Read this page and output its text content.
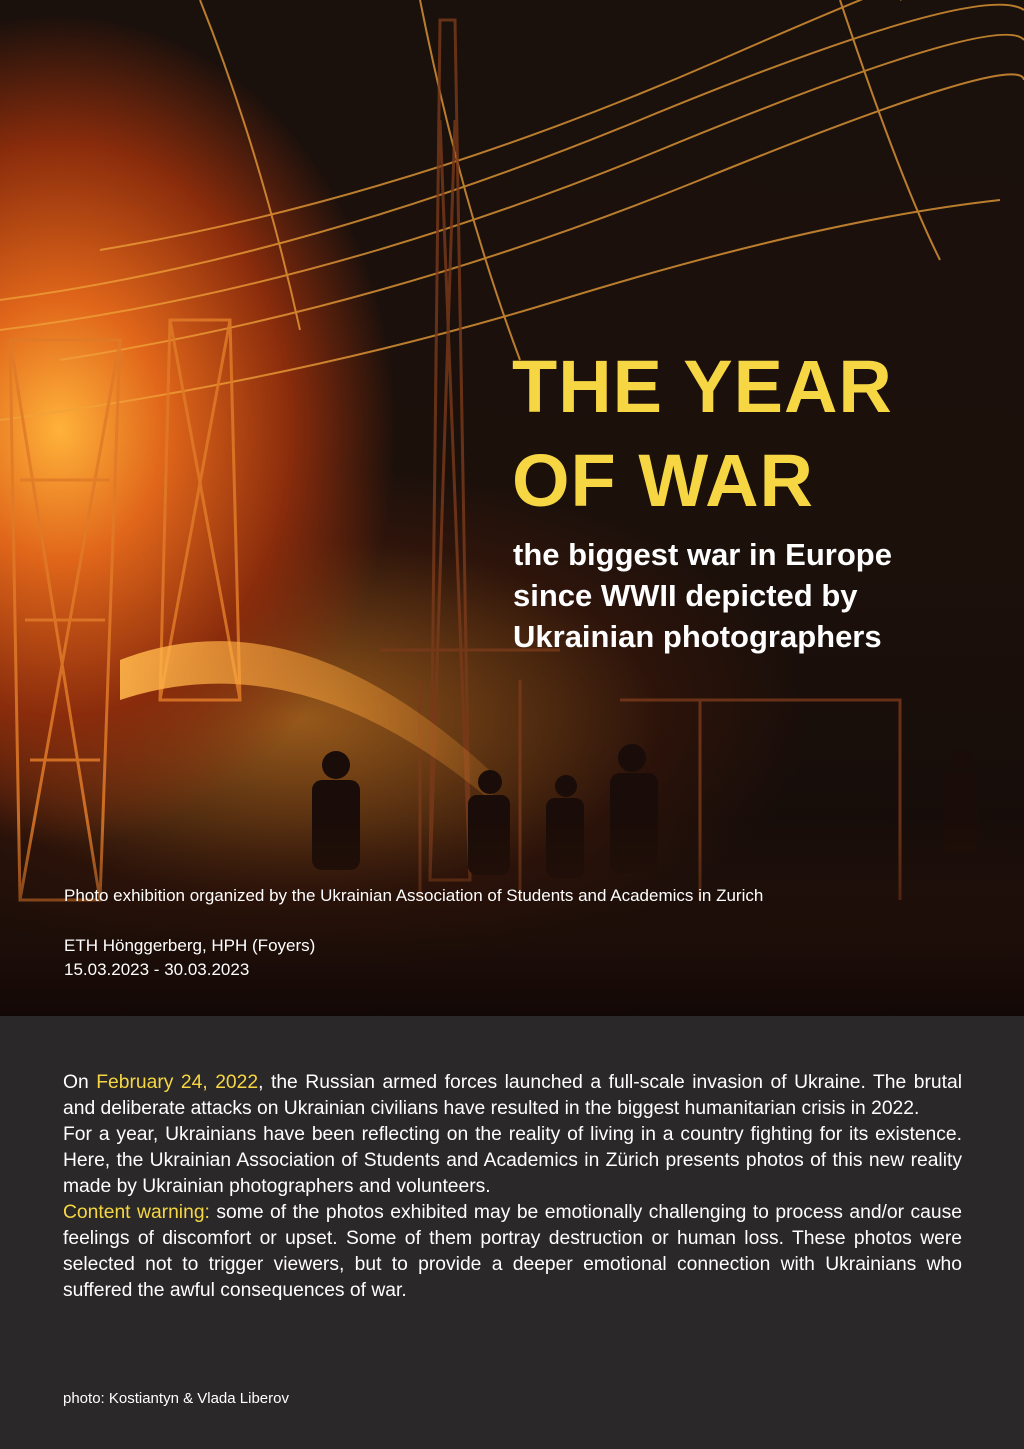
THE YEAR
OF WAR
the biggest war in Europe
since WWII depicted by
Ukrainian photographers

Photo exhibition organized by the Ukrainian Association of Students and Academics in Zurich

ETH Hönggerberg, HPH (Foyers)
15.03.2023 - 30.03.2023

On February 24, 2022, the Russian armed forces launched a full-scale invasion of Ukraine. The brutal and deliberate attacks on Ukrainian civilians have resulted in the biggest humanitarian crisis in 2022.

For a year, Ukrainians have been reflecting on the reality of living in a country fighting for its existence. Here, the Ukrainian Association of Students and Academics in Zürich presents photos of this new reality made by Ukrainian photographers and volunteers.

Content warning: some of the photos exhibited may be emotionally challenging to process and/or cause feelings of discomfort or upset. Some of them portray destruction or human loss. These photos were selected not to trigger viewers, but to provide a deeper emotional connection with Ukrainians who suffered the awful consequences of war.

photo: Kostiantyn & Vlada Liberov
